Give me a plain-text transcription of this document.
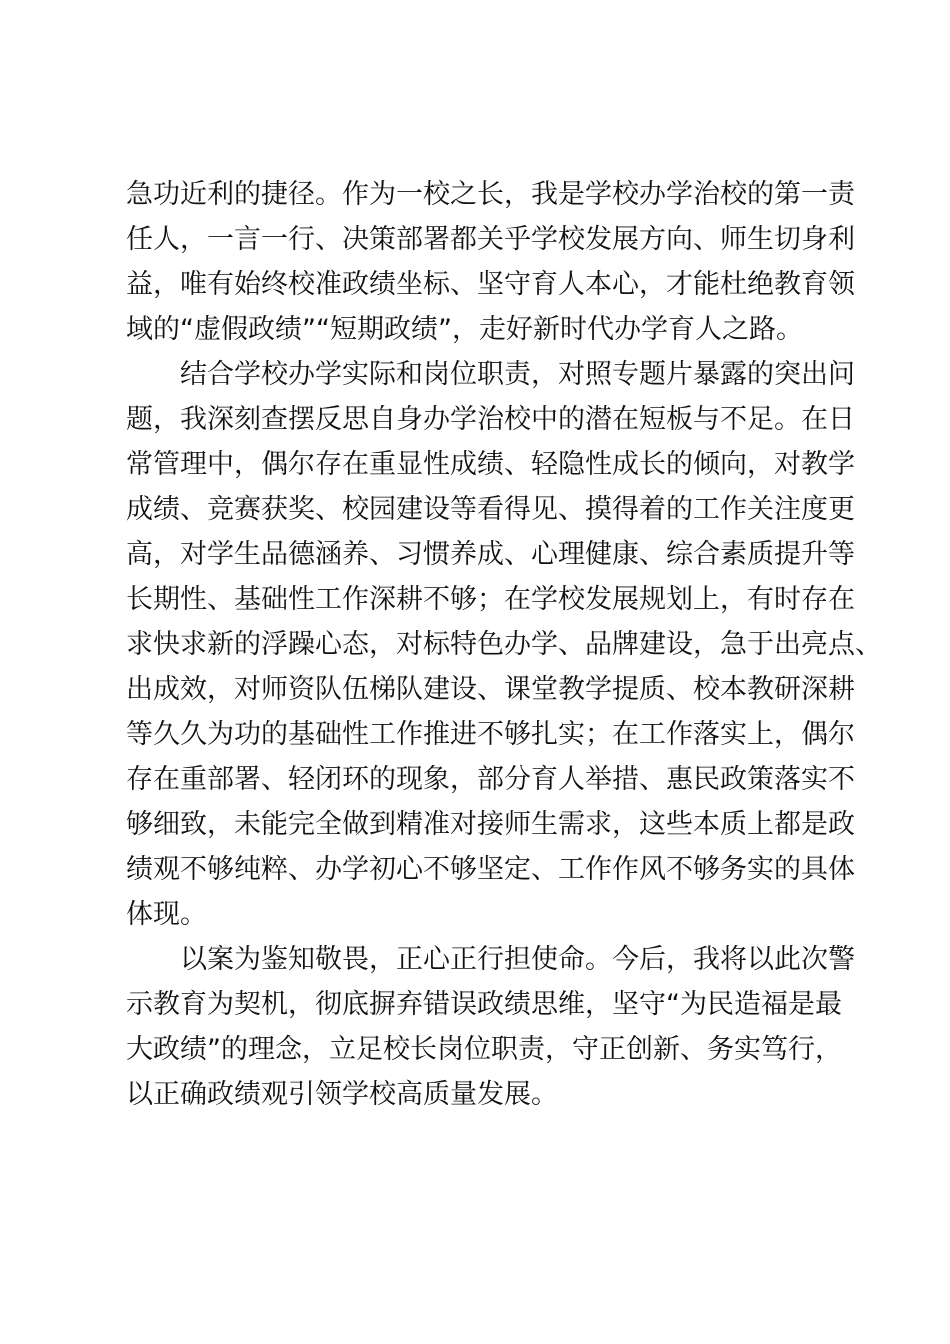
急功近利的捷径。作为一校之长，我是学校办学治校的第一责
任人，一言一行、决策部署都关乎学校发展方向、师生切身利
益，唯有始终校准政绩坐标、坚守育人本心，才能杜绝教育领
域的“虚假政绩”“短期政绩”，走好新时代办学育人之路。
结合学校办学实际和岗位职责，对照专题片暴露的突出问
题，我深刻查摆反思自身办学治校中的潜在短板与不足。在日
常管理中，偶尔存在重显性成绩、轻隐性成长的倾向，对教学
成绩、竞赛获奖、校园建设等看得见、摸得着的工作关注度更
高，对学生品德涵养、习惯养成、心理健康、综合素质提升等
长期性、基础性工作深耕不够；在学校发展规划上，有时存在
求快求新的浮躁心态，对标特色办学、品牌建设，急于出亮点、
出成效，对师资队伍梯队建设、课堂教学提质、校本教研深耕
等久久为功的基础性工作推进不够扎实；在工作落实上，偶尔
存在重部署、轻闭环的现象，部分育人举措、惠民政策落实不
够细致，未能完全做到精准对接师生需求，这些本质上都是政
绩观不够纯粹、办学初心不够坚定、工作作风不够务实的具体
体现。
以案为鉴知敬畏，正心正行担使命。今后，我将以此次警
示教育为契机，彻底摒弃错误政绩思维，坚守“为民造福是最
大政绩”的理念，立足校长岗位职责，守正创新、务实笃行，
以正确政绩观引领学校高质量发展。
